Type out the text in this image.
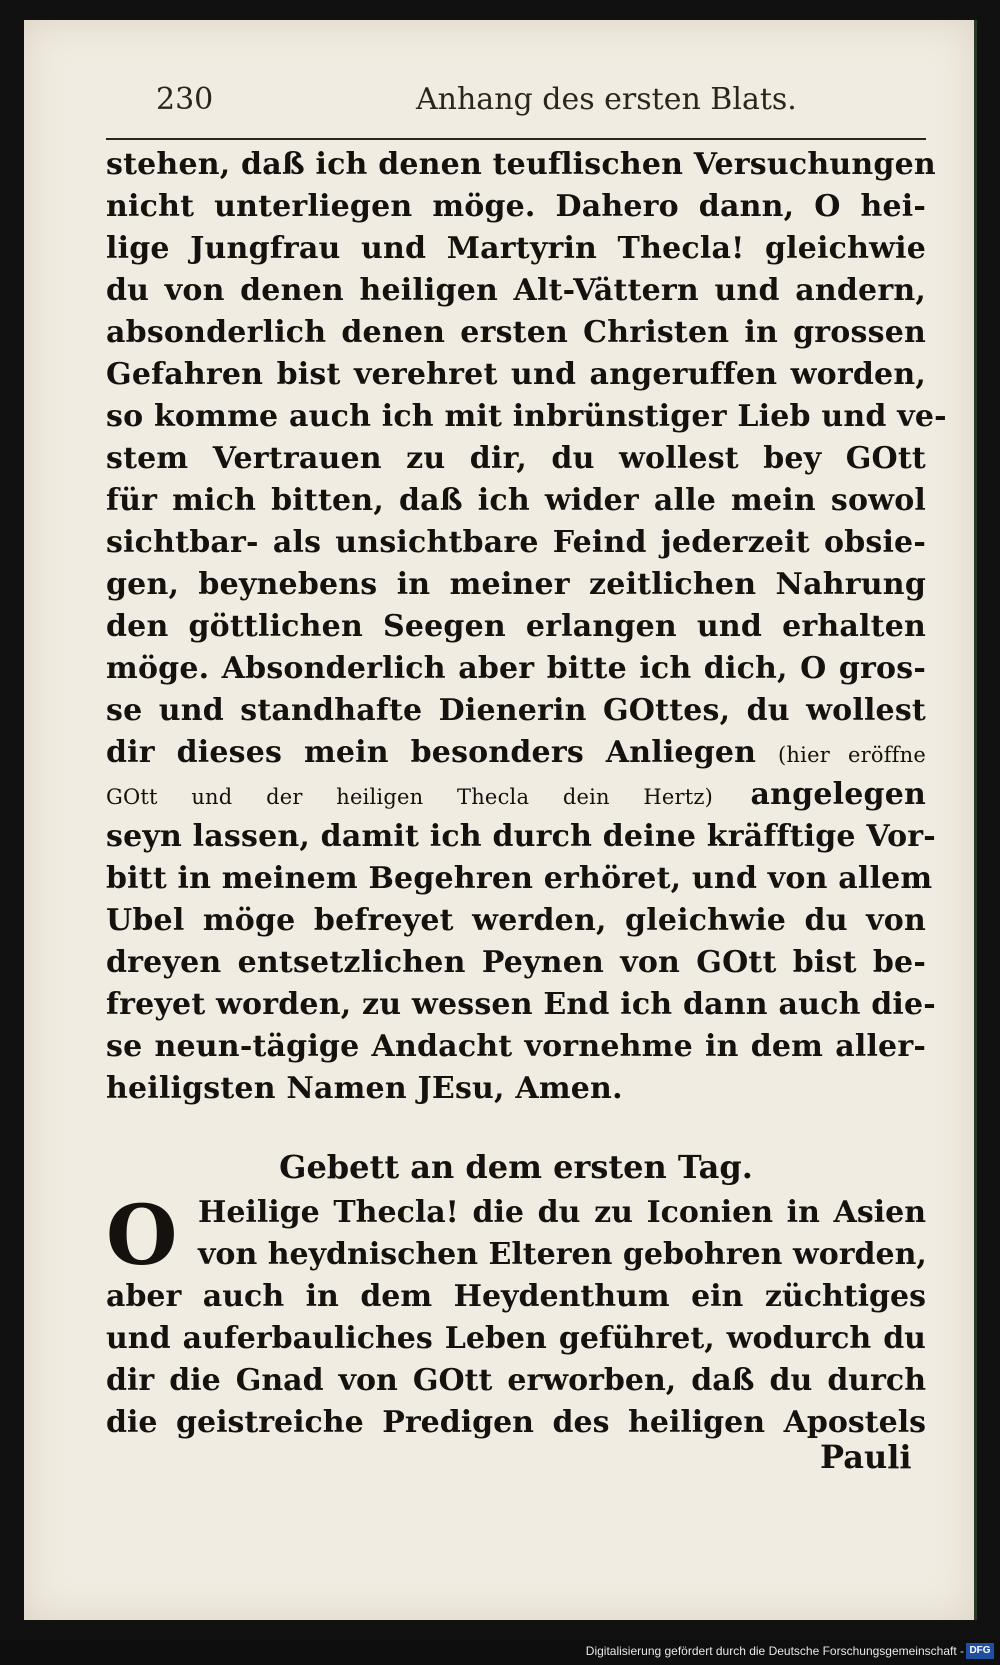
230	Anhang des ersten Blats.
stehen, daß ich denen teuflischen Versuchungen
nicht unterliegen möge. Dahero dann, O hei-
lige Jungfrau und Martyrin Thecla! gleichwie
du von denen heiligen Alt-Vättern und andern,
absonderlich denen ersten Christen in grossen
Gefahren bist verehret und angeruffen worden,
so komme auch ich mit inbrünstiger Lieb und ve-
stem Vertrauen zu dir, du wollest bey GOtt
für mich bitten, daß ich wider alle mein sowol
sichtbar- als unsichtbare Feind jederzeit obsie-
gen, beynebens in meiner zeitlichen Nahrung
den göttlichen Seegen erlangen und erhalten
möge. Absonderlich aber bitte ich dich, O gros-
se und standhafte Dienerin GOttes, du wollest
dir dieses mein besonders Anliegen (hier eröffne
GOtt und der heiligen Thecla dein Hertz) angelegen
seyn lassen, damit ich durch deine kräfftige Vor-
bitt in meinem Begehren erhöret, und von allem
Ubel möge befreyet werden, gleichwie du von
dreyen entsetzlichen Peynen von GOtt bist be-
freyet worden, zu wessen End ich dann auch die-
se neun-tägige Andacht vornehme in dem aller-
heiligsten Namen JEsu, Amen.
Gebett an dem ersten Tag.
O Heilige Thecla! die du zu Iconien in Asien
von heydnischen Elteren gebohren worden,
aber auch in dem Heydenthum ein züchtiges
und auferbauliches Leben geführet, wodurch du
dir die Gnad von GOtt erworben, daß du durch
die geistreiche Predigen des heiligen Apostels
Pauli
Digitalisierung gefördert durch die Deutsche Forschungsgemeinschaft - DFG
